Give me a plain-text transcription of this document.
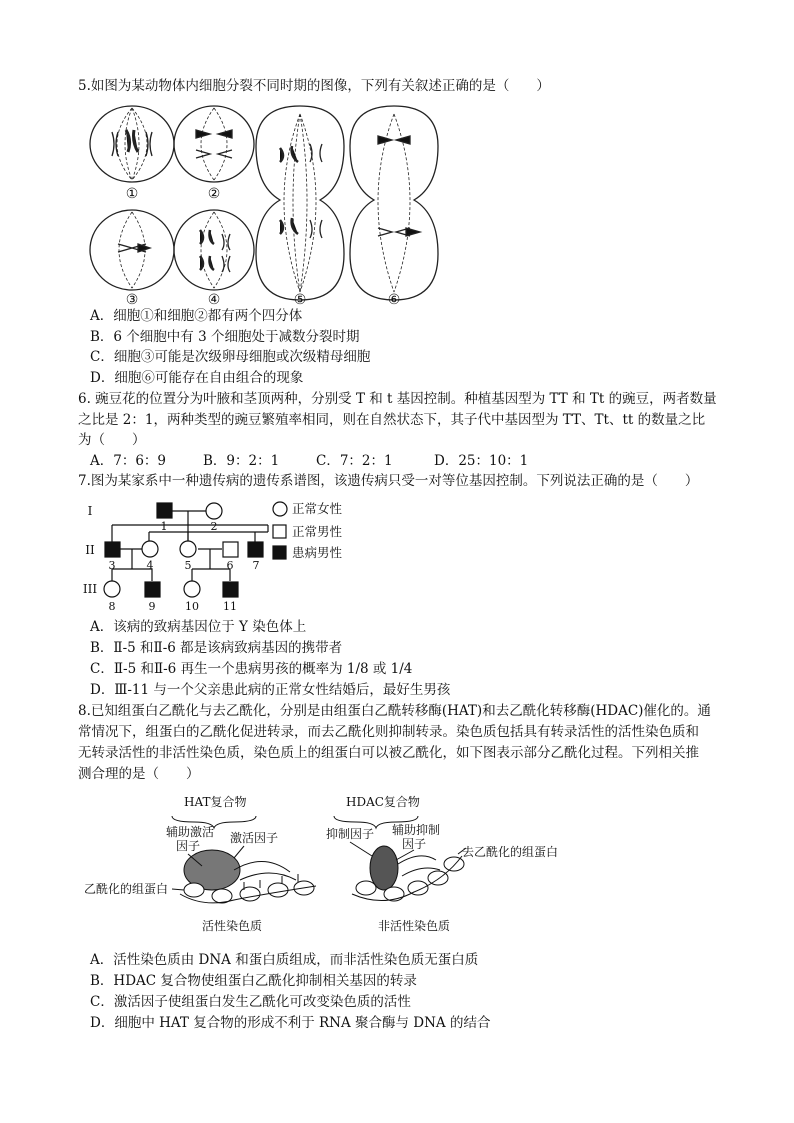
5.如图为某动物体内细胞分裂不同时期的图像，下列有关叙述正确的是（　　）
①	②
③	④	⑤	⑥
A．细胞①和细胞②都有两个四分体
B．6 个细胞中有 3 个细胞处于减数分裂时期
C．细胞③可能是次级卵母细胞或次级精母细胞
D．细胞⑥可能存在自由组合的现象
6. 豌豆花的位置分为叶腋和茎顶两种，分别受 T 和 t 基因控制。种植基因型为 TT 和 Tt 的豌豆，两者数量
之比是 2：1，两种类型的豌豆繁殖率相同，则在自然状态下，其子代中基因型为 TT、Tt、tt 的数量之比
为（　　）
A．7：6：9	B．9：2：1	C．7：2：1	D．25：10：1
7.图为某家系中一种遗传病的遗传系谱图，该遗传病只受一对等位基因控制。下列说法正确的是（　　）
I
II
III
1	2
3	4	5	6 7
8	9	10 11
正常女性
正常男性
患病男性
A．该病的致病基因位于 Y 染色体上
B．Ⅱ-5 和Ⅱ-6 都是该病致病基因的携带者
C．Ⅱ-5 和Ⅱ-6 再生一个患病男孩的概率为 1/8 或 1/4
D．Ⅲ-11 与一个父亲患此病的正常女性结婚后，最好生男孩
8.已知组蛋白乙酰化与去乙酰化，分别是由组蛋白乙酰转移酶(HAT)和去乙酰化转移酶(HDAC)催化的。通
常情况下，组蛋白的乙酰化促进转录，而去乙酰化则抑制转录。染色质包括具有转录活性的活性染色质和
无转录活性的非活性染色质，染色质上的组蛋白可以被乙酰化，如下图表示部分乙酰化过程。下列相关推
测合理的是（　　）
HAT复合物	HDAC复合物
辅助激活
因子
激活因子
乙酰化的组蛋白
活性染色质
抑制因子 辅助抑制
因子
去乙酰化的组蛋白
非活性染色质
A．活性染色质由 DNA 和蛋白质组成，而非活性染色质无蛋白质
B．HDAC 复合物使组蛋白乙酰化抑制相关基因的转录
C．激活因子使组蛋白发生乙酰化可改变染色质的活性
D．细胞中 HAT 复合物的形成不利于 RNA 聚合酶与 DNA 的结合
